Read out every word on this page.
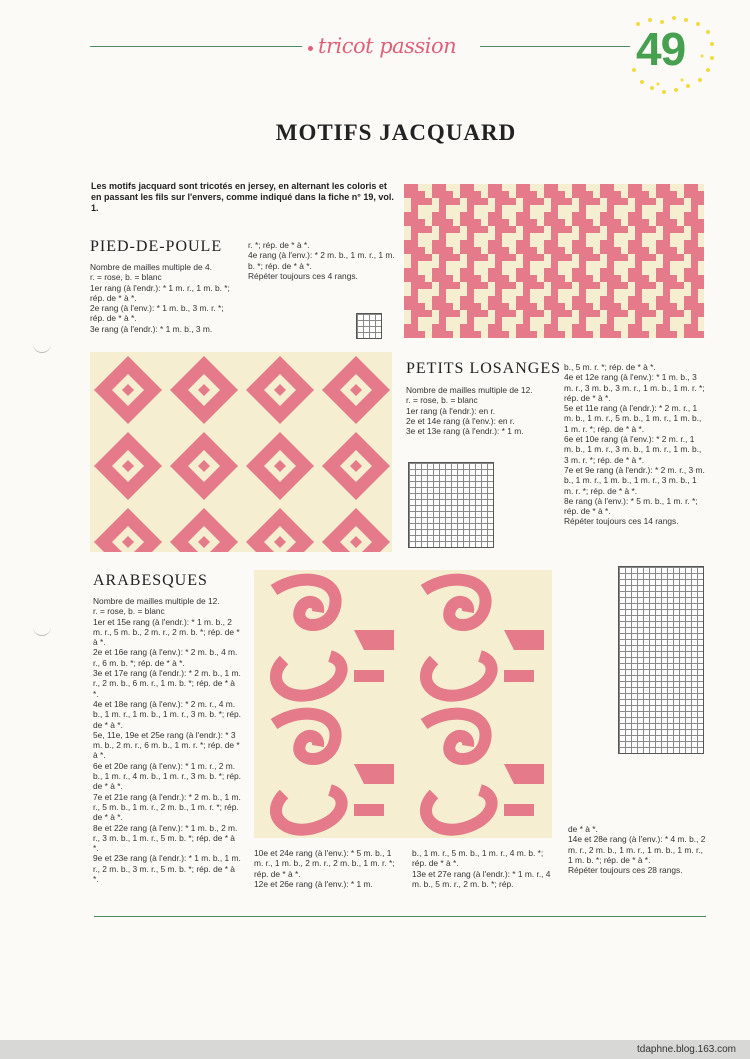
tricot passion	49
MOTIFS JACQUARD
Les motifs jacquard sont tricotés en jersey, en alternant les coloris et en passant les fils sur l'envers, comme indiqué dans la fiche n° 19, vol. 1.
PIED-DE-POULE

Nombre de mailles multiple de 4.

r. = rose, b. = blanc

1er rang (à l'endr.): * 1 m. r., 1 m. b. *; rép. de * à *.

2e rang (à l'env.): * 1 m. b., 3 m. r. *; rép. de * à *.

3e rang (à l'endr.): * 1 m. b., 3 m.

r. *; rép. de * à *.

4e rang (à l'env.): * 2 m. b., 1 m. r., 1 m. b. *; rép. de * à *.

Répéter toujours ces 4 rangs.

PETITS LOSANGES

Nombre de mailles multiple de 12.

r. = rose, b. = blanc

1er rang (à l'endr.): en r.

2e et 14e rang (à l'env.): en r.

3e et 13e rang (à l'endr.): * 1 m.

b., 5 m. r. *; rép. de * à *.

4e et 12e rang (à l'env.): * 1 m. b., 3 m. r., 3 m. b., 3 m. r., 1 m. b., 1 m. r. *; rép. de * à *.

5e et 11e rang (à l'endr.): * 2 m. r., 1 m. b., 1 m. r., 5 m. b., 1 m. r., 1 m. b., 1 m. r. *; rép. de * à *.

6e et 10e rang (à l'env.): * 2 m. r., 1 m. b., 1 m. r., 3 m. b., 1 m. r., 1 m. b., 3 m. r. *; rép. de * à *.

7e et 9e rang (à l'endr.): * 2 m. r., 3 m. b., 1 m. r., 1 m. b., 1 m. r., 3 m. b., 1 m. r. *; rép. de * à *.

8e rang (à l'env.): * 5 m. b., 1 m. r. *; rép. de * à *.

Répéter toujours ces 14 rangs.

ARABESQUES

Nombre de mailles multiple de 12.

r. = rose, b. = blanc

1er et 15e rang (à l'endr.): * 1 m. b., 2 m. r., 5 m. b., 2 m. r., 2 m. b. *; rép. de * à *.

2e et 16e rang (à l'env.): * 2 m. b., 4 m. r., 6 m. b. *; rép. de * à *.

3e et 17e rang (à l'endr.): * 2 m. b., 1 m. r., 2 m. b., 6 m. r., 1 m. b. *; rép. de * à *.

4e et 18e rang (à l'env.): * 2 m. r., 4 m. b., 1 m. r., 1 m. b., 1 m. r., 3 m. b. *; rép. de * à *.

5e, 11e, 19e et 25e rang (à l'endr.): * 3 m. b., 2 m. r., 6 m. b., 1 m. r. *; rép. de * à *.

6e et 20e rang (à l'env.): * 1 m. r., 2 m. b., 1 m. r., 4 m. b., 1 m. r., 3 m. b. *; rép. de * à *.

7e et 21e rang (à l'endr.): * 2 m. b., 1 m. r., 5 m. b., 1 m. r., 2 m. b., 1 m. r. *; rép. de * à *.

8e et 22e rang (à l'env.): * 1 m. b., 2 m. r., 3 m. b., 1 m. r., 5 m. b. *; rép. de * à *.

9e et 23e rang (à l'endr.): * 1 m. b., 1 m. r., 2 m. b., 3 m. r., 5 m. b. *; rép. de * à *.

10e et 24e rang (à l'env.): * 5 m. b., 1 m. r., 1 m. b., 2 m. r., 2 m. b., 1 m. r. *; rép. de * à *.

12e et 26e rang (à l'env.): * 1 m.

b., 1 m. r., 5 m. b., 1 m. r., 4 m. b. *; rép. de * à *.

13e et 27e rang (à l'endr.): * 1 m. r., 4 m. b., 5 m. r., 2 m. b. *; rép.

de * à *.

14e et 28e rang (à l'env.): * 4 m. b., 2 m. r., 2 m. b., 1 m. r., 1 m. b., 1 m. r., 1 m. b. *; rép. de * à *.

Répéter toujours ces 28 rangs.

tdaphne.blog.163.com
